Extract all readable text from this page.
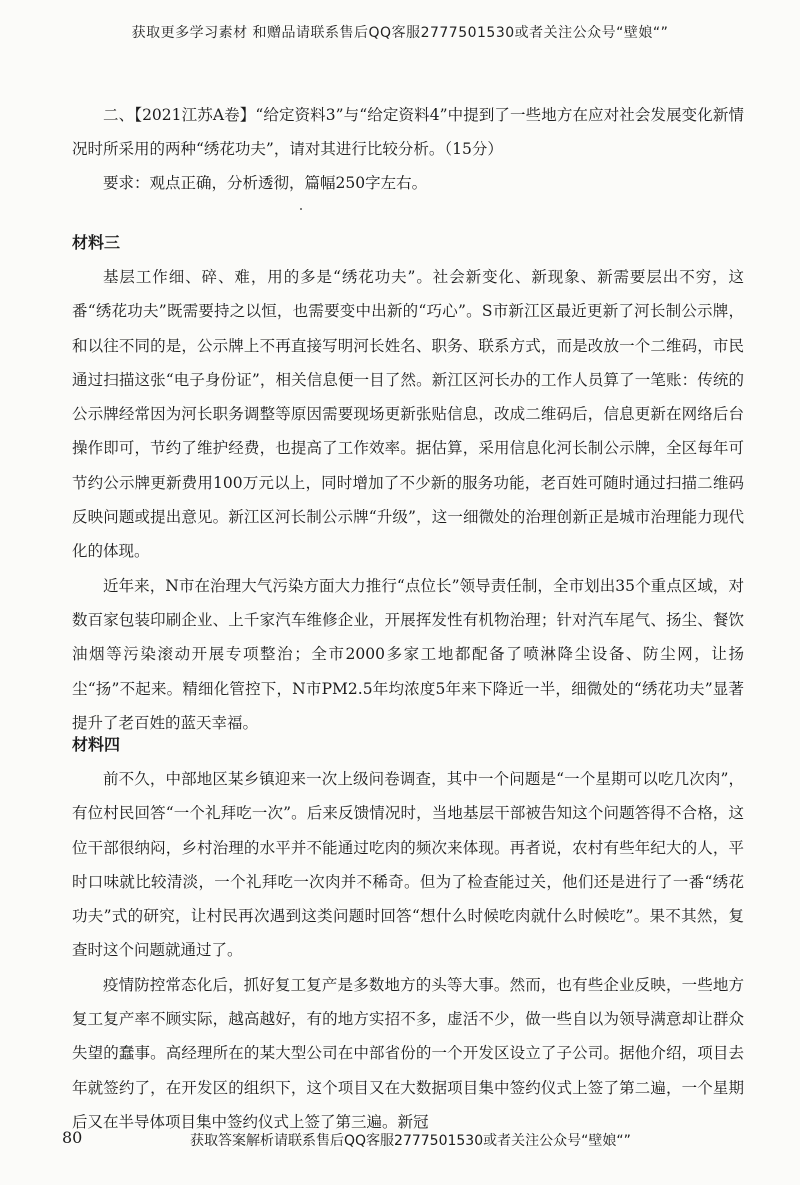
获取更多学习素材 和赠品请联系售后QQ客服2777501530或者关注公众号“壁娘“”

二、【2021江苏A卷】“给定资料3”与“给定资料4”中提到了一些地方在应对社会发展变化新情况时所采用的两种“绣花功夫”，请对其进行比较分析。（15分）

要求：观点正确，分析透彻，篇幅250字左右。

材料三

基层工作细、碎、难，用的多是“绣花功夫”。社会新变化、新现象、新需要层出不穷，这番“绣花功夫”既需要持之以恒，也需要变中出新的“巧心”。S市新江区最近更新了河长制公示牌，和以往不同的是，公示牌上不再直接写明河长姓名、职务、联系方式，而是改放一个二维码，市民通过扫描这张“电子身份证”，相关信息便一目了然。新江区河长办的工作人员算了一笔账：传统的公示牌经常因为河长职务调整等原因需要现场更新张贴信息，改成二维码后，信息更新在网络后台操作即可，节约了维护经费，也提高了工作效率。据估算，采用信息化河长制公示牌，全区每年可节约公示牌更新费用100万元以上，同时增加了不少新的服务功能，老百姓可随时通过扫描二维码反映问题或提出意见。新江区河长制公示牌“升级”，这一细微处的治理创新正是城市治理能力现代化的体现。

近年来，N市在治理大气污染方面大力推行“点位长”领导责任制，全市划出35个重点区域，对数百家包装印刷企业、上千家汽车维修企业，开展挥发性有机物治理；针对汽车尾气、扬尘、餐饮油烟等污染滚动开展专项整治；全市2000多家工地都配备了喷淋降尘设备、防尘网，让扬尘“扬”不起来。精细化管控下，N市PM2.5年均浓度5年来下降近一半，细微处的“绣花功夫”显著提升了老百姓的蓝天幸福。

材料四

前不久，中部地区某乡镇迎来一次上级问卷调查，其中一个问题是“一个星期可以吃几次肉”，有位村民回答“一个礼拜吃一次”。后来反馈情况时，当地基层干部被告知这个问题答得不合格，这位干部很纳闷，乡村治理的水平并不能通过吃肉的频次来体现。再者说，农村有些年纪大的人，平时口味就比较清淡，一个礼拜吃一次肉并不稀奇。但为了检查能过关，他们还是进行了一番“绣花功夫”式的研究，让村民再次遇到这类问题时回答“想什么时候吃肉就什么时候吃”。果不其然，复查时这个问题就通过了。

疫情防控常态化后，抓好复工复产是多数地方的头等大事。然而，也有些企业反映，一些地方复工复产率不顾实际，越高越好，有的地方实招不多，虚活不少，做一些自以为领导满意却让群众失望的蠢事。高经理所在的某大型公司在中部省份的一个开发区设立了子公司。据他介绍，项目去年就签约了，在开发区的组织下，这个项目又在大数据项目集中签约仪式上签了第二遍，一个星期后又在半导体项目集中签约仪式上签了第三遍。新冠

80	获取答案解析请联系售后QQ客服2777501530或者关注公众号“壁娘“”
